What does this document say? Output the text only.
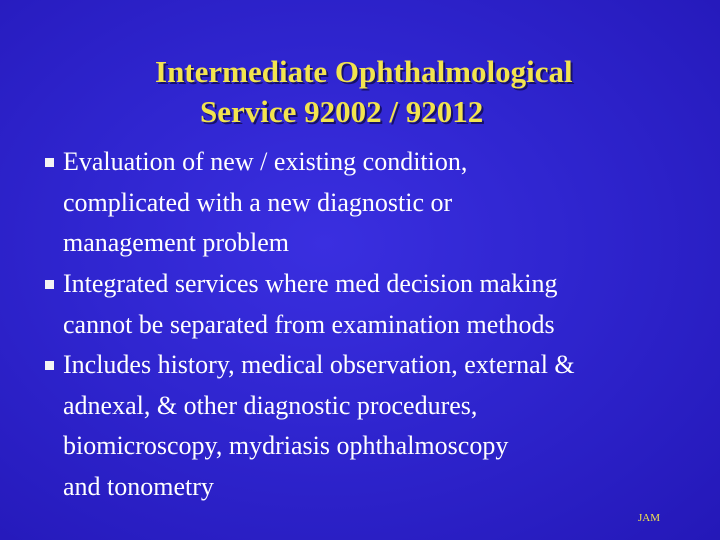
Intermediate Ophthalmological
Service 92002 / 92012
Evaluation of new / existing condition,
complicated with a new diagnostic or
management problem
Integrated services where med decision making
cannot be separated from examination methods
Includes history, medical observation, external &
adnexal, & other diagnostic procedures,
biomicroscopy, mydriasis ophthalmoscopy
and tonometry
JAM
